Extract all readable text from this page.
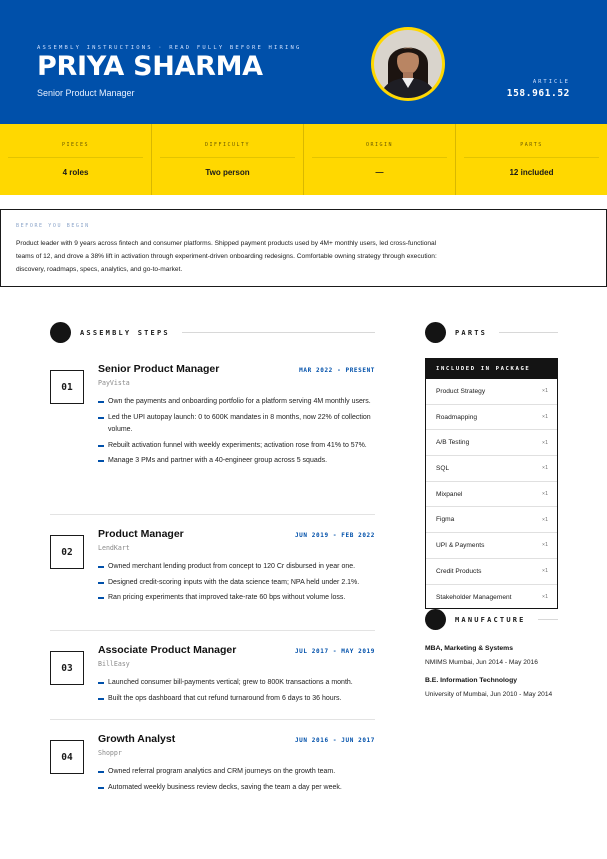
ASSEMBLY INSTRUCTIONS · READ FULLY BEFORE HIRING
PRIYA SHARMA
Senior Product Manager
ARTICLE
158.961.52
PIECES
4 roles
DIFFICULTY
Two person
ORIGIN
—
PARTS
12 included
BEFORE YOU BEGIN
Product leader with 9 years across fintech and consumer platforms. Shipped payment products used by 4M+ monthly users, led cross-functional teams of 12, and drove a 38% lift in activation through experiment-driven onboarding redesigns. Comfortable owning strategy through execution: discovery, roadmaps, specs, analytics, and go-to-market.
ASSEMBLY STEPS
01
Senior Product Manager	MAR 2022 - PRESENT
PayVista
Own the payments and onboarding portfolio for a platform serving 4M monthly users.
Led the UPI autopay launch: 0 to 600K mandates in 8 months, now 22% of collection volume.
Rebuilt activation funnel with weekly experiments; activation rose from 41% to 57%.
Manage 3 PMs and partner with a 40-engineer group across 5 squads.
02
Product Manager	JUN 2019 - FEB 2022
LendKart
Owned merchant lending product from concept to 120 Cr disbursed in year one.
Designed credit-scoring inputs with the data science team; NPA held under 2.1%.
Ran pricing experiments that improved take-rate 60 bps without volume loss.
03
Associate Product Manager	JUL 2017 - MAY 2019
BillEasy
Launched consumer bill-payments vertical; grew to 800K transactions a month.
Built the ops dashboard that cut refund turnaround from 6 days to 36 hours.
04
Growth Analyst	JUN 2016 - JUN 2017
Shoppr
Owned referral program analytics and CRM journeys on the growth team.
Automated weekly business review decks, saving the team a day per week.
PARTS
INCLUDED IN PACKAGE
Product Strategy	×1
Roadmapping	×1
A/B Testing	×1
SQL	×1
Mixpanel	×1
Figma	×1
UPI & Payments	×1
Credit Products	×1
Stakeholder Management	×1
MANUFACTURE
MBA, Marketing & Systems
NMIMS Mumbai, Jun 2014 - May 2016
B.E. Information Technology
University of Mumbai, Jun 2010 - May 2014
